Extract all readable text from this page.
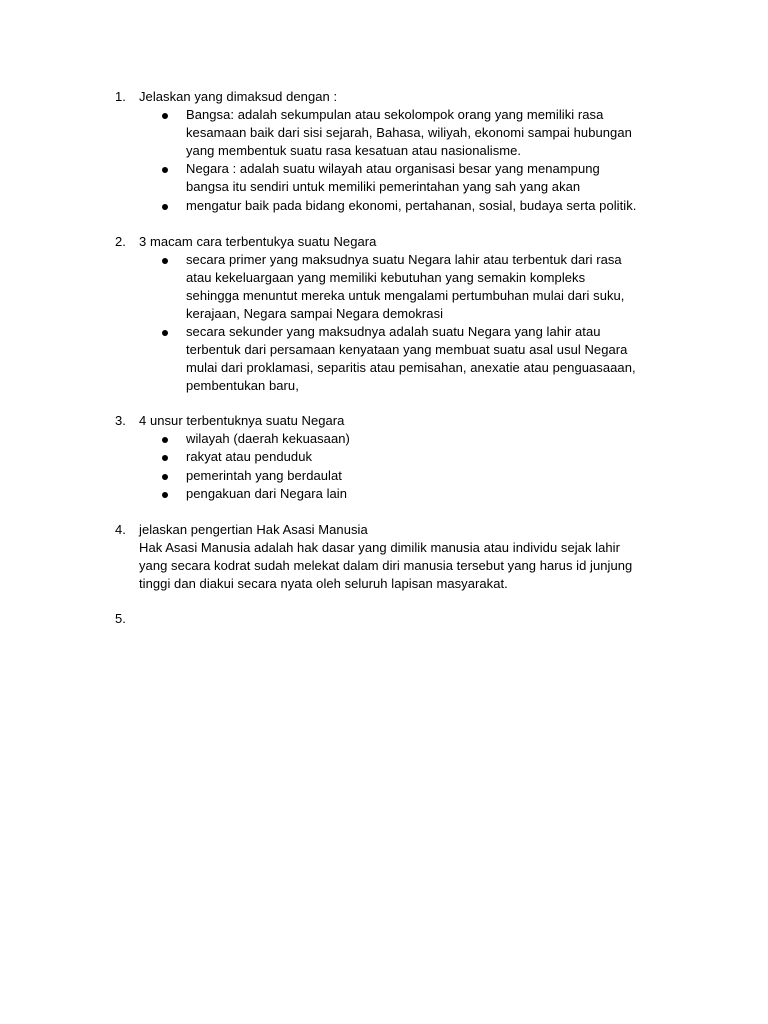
1. Jelaskan yang dimaksud dengan :
Bangsa: adalah sekumpulan atau sekolompok orang yang memiliki rasa
kesamaan baik dari sisi sejarah, Bahasa, wiliyah, ekonomi sampai hubungan
yang membentuk suatu rasa kesatuan atau nasionalisme.
Negara : adalah suatu wilayah atau organisasi besar yang menampung
bangsa itu sendiri untuk memiliki pemerintahan yang sah yang akan
mengatur baik pada bidang ekonomi, pertahanan, sosial, budaya serta politik.
2. 3 macam cara terbentukya suatu Negara
secara primer yang maksudnya suatu Negara lahir atau terbentuk dari rasa
atau kekeluargaan yang memiliki kebutuhan yang semakin kompleks
sehingga menuntut mereka untuk mengalami pertumbuhan mulai dari suku,
kerajaan, Negara sampai Negara demokrasi
secara sekunder yang maksudnya adalah suatu Negara yang lahir atau
terbentuk dari persamaan kenyataan yang membuat suatu asal usul Negara
mulai dari proklamasi, separitis atau pemisahan, anexatie atau penguasaaan,
pembentukan baru,
3. 4 unsur terbentuknya suatu Negara
wilayah (daerah kekuasaan)
rakyat atau penduduk
pemerintah yang berdaulat
pengakuan dari Negara lain
4. jelaskan pengertian Hak Asasi Manusia
Hak Asasi Manusia adalah hak dasar yang dimilik manusia atau individu sejak lahir
yang secara kodrat sudah melekat dalam diri manusia tersebut yang harus id junjung
tinggi dan diakui secara nyata oleh seluruh lapisan masyarakat.
5.
